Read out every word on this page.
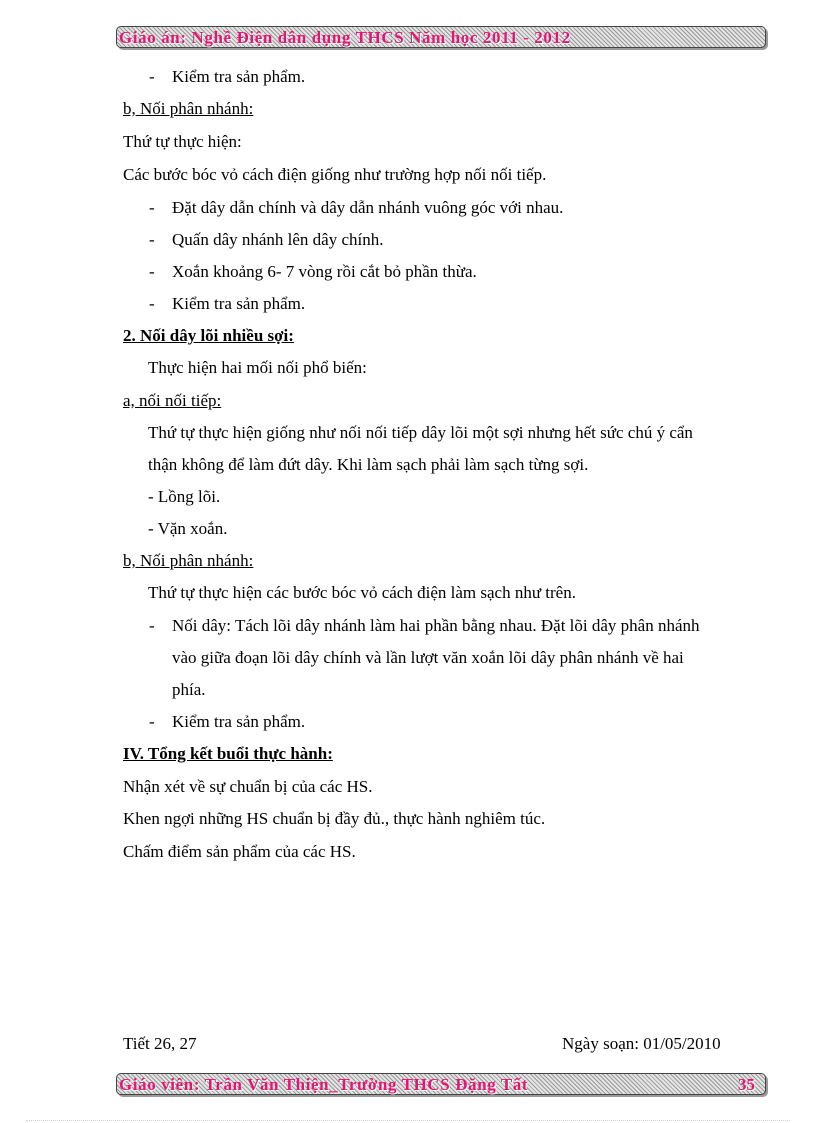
Giáo án: Nghề Điện dân dụng THCS Năm học 2011 - 2012
- Kiểm tra sản phẩm.
b, Nối phân nhánh:
Thứ tự thực hiện:
Các bước bóc vỏ cách điện giống như trường hợp nối nối tiếp.
- Đặt dây dẫn chính và dây dẫn nhánh vuông góc với nhau.
- Quấn dây nhánh lên dây chính.
- Xoắn khoảng 6- 7 vòng rồi cắt bỏ phần thừa.
- Kiểm tra sản phẩm.
2. Nối dây lõi nhiều sợi:
Thực hiện hai mối nối phổ biến:
a, nối nối tiếp:
Thứ tự thực hiện giống như nối nối tiếp dây lõi một sợi nhưng hết sức chú ý cẩn
thận không để làm đứt dây. Khi làm sạch phải làm sạch từng sợi.
- Lồng lõi.
- Vặn xoắn.
b, Nối phân nhánh:
Thứ tự thực hiện các bước bóc vỏ cách điện làm sạch như trên.
- Nối dây: Tách lõi dây nhánh làm hai phần bằng nhau. Đặt lõi dây phân nhánh
vào giữa đoạn lõi dây chính và lần lượt văn xoắn lõi dây phân nhánh về hai
phía.
- Kiểm tra sản phẩm.
IV. Tổng kết buổi thực hành:
Nhận xét về sự chuẩn bị của các HS.
Khen ngợi những HS chuẩn bị đầy đủ., thực hành nghiêm túc.
Chấm điểm sản phẩm của các HS.
Tiết 26, 27	Ngày soạn: 01/05/2010
Giáo viên: Trần Văn Thiện_Trường THCS Đặng Tất	35
